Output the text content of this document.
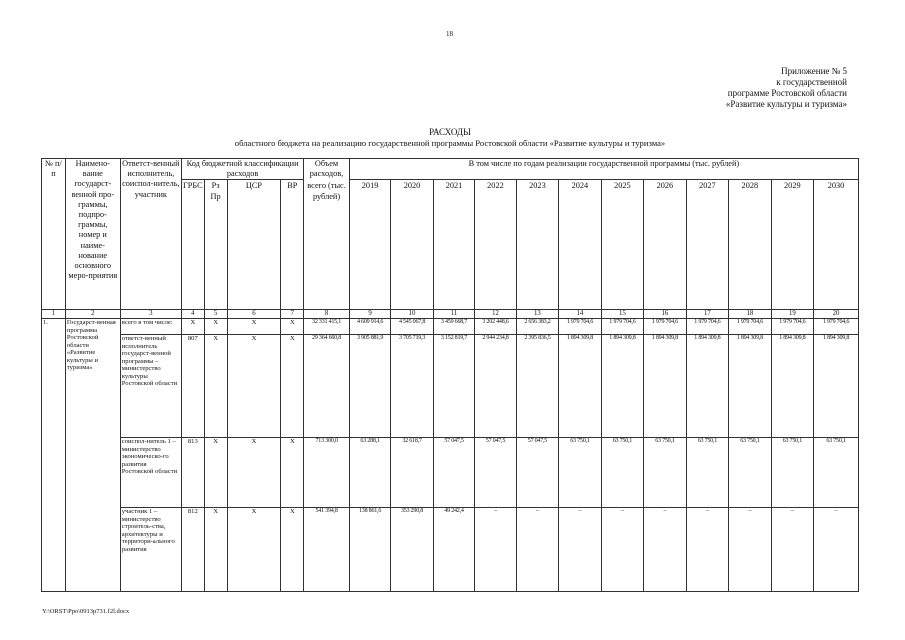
18
Приложение № 5
к государственной
программе Ростовской области
«Развитие культуры и туризма»
РАСХОДЫ
областного бюджета на реализацию государственной программы Ростовской области «Развитие культуры и туризма»
№ п/п	Наимено-вание государст-венной про-граммы, подпро-граммы, номер и наиме-нование основного меро-приятия	Ответст-венный исполнитель, соиспол-нитель, участник	Код бюджетной классификации расходов				Объем расходов,	В том числе по годам реализации государственной программы (тыс. рублей)											
			ГРБС	Рз Пр	ЦСР	ВР	всего (тыс. рублей)	2019	2020	2021	2022	2023	2024	2025	2026	2027	2028	2029	2030
1	2	3	4	5	6	7	8	9	10	11	12	13	14	15	16	17	18	19	20
1.	Государст-венная программа Ростовской области «Развитие культуры и туризма»	всего в том числе:	Х	Х	Х	Х	32 331 415,1	4 609 914,6	4 545 067,8	3 459 668,7	3 202 448,6	2 656 383,2	1 979 704,6	1 979 704,6	1 979 704,6	1 979 704,6	1 979 704,6	1 979 704,6	1 979 704,6
		ответст-венный исполнитель государст-венной программы – министерство культуры Ростовской области	807	Х	Х	Х	29 364 660,8	3 905 881,9	3 705 719,3	3 152 819,7	2 944 234,8	2 395 836,5	1 894 309,8	1 894 309,8	1 894 309,8	1 894 309,8	1 894 309,8	1 894 309,8	1 894 309,8
		соиспол-нитель 1 – министерство экономическо-го развития Ростовской области	813	Х	Х	Х	713 300,0	63 288,1	32 618,7	57 047,5	57 047,5	57 047,5	63 750,1	63 750,1	63 750,1	63 750,1	63 750,1	63 750,1	63 750,1
		участник 1 – министерство строитель-ства, архитектуры и территори-ального развития	812	Х	Х	Х	541 394,8	138 861,6	353 290,8	49 242,4	–	–	–	–	–	–	–	–	–
Y:\ORST\Ppo\0913p731.f2l.docx
